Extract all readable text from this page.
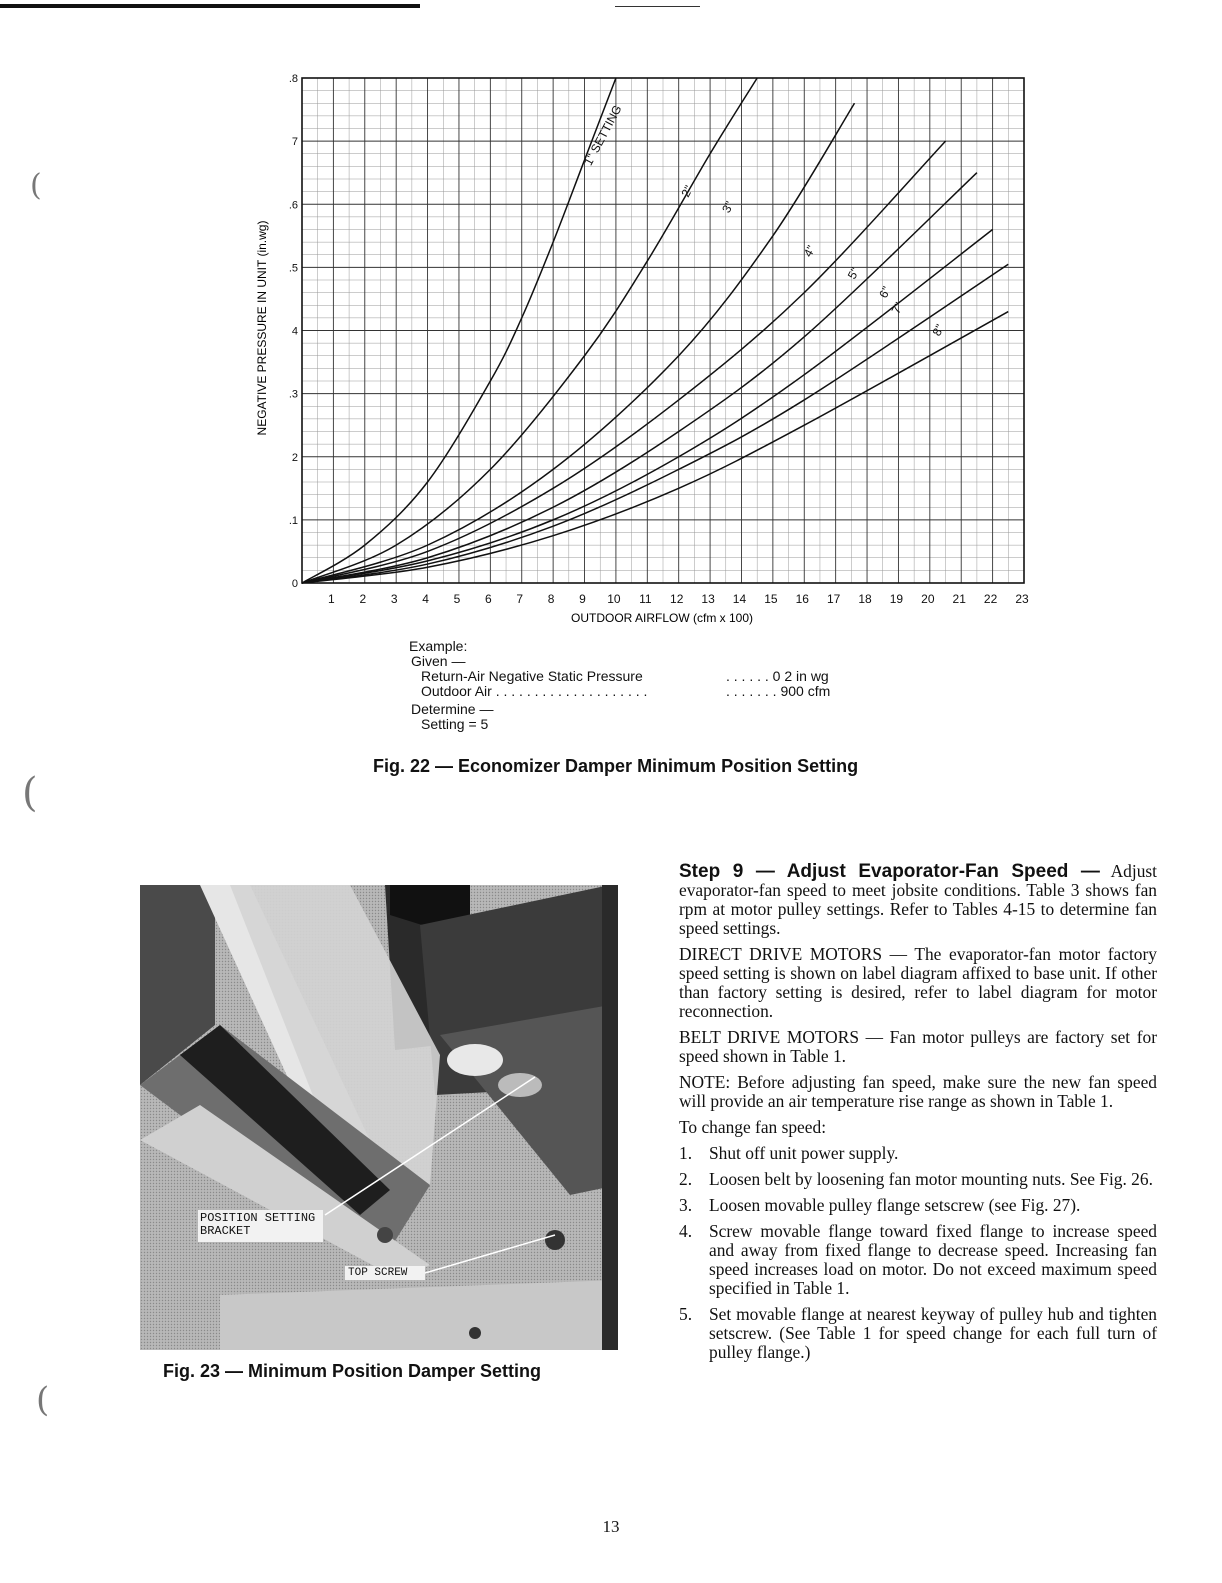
(
(
(
1" SETTING
2"
3"
4"
5"
6"
7"
8"
1 2 3 4 5 6 7 8 9 10 11 12 13 14 15 16 17 18 19 20 21 22 23
0
.1
2
.3
4
.5
.6
7
.8
OUTDOOR AIRFLOW (cfm x 100)
NEGATIVE PRESSURE IN UNIT (in.wg)
Example:
Given —
Return-Air Negative Static Pressure	. . . . . . 0 2 in wg
Outdoor Air . . . . . . . . . . . . . . . . . . . .	. . . . . . . 900 cfm
Determine —
Setting = 5
Fig. 22 — Economizer Damper Minimum Position Setting
POSITION SETTING
BRACKET
TOP SCREW
Fig. 23 — Minimum Position Damper Setting

Step 9 — Adjust Evaporator-Fan Speed — Adjust evaporator-fan speed to meet jobsite conditions. Table 3 shows fan rpm at motor pulley settings. Refer to Tables 4-15 to determine fan speed settings.

DIRECT DRIVE MOTORS — The evaporator-fan motor factory speed setting is shown on label diagram affixed to base unit. If other than factory setting is desired, refer to label diagram for motor reconnection.

BELT DRIVE MOTORS — Fan motor pulleys are factory set for speed shown in Table 1.

NOTE: Before adjusting fan speed, make sure the new fan speed will provide an air temperature rise range as shown in Table 1.

To change fan speed:

1. Shut off unit power supply.
2. Loosen belt by loosening fan motor mounting nuts. See Fig. 26.
3. Loosen movable pulley flange setscrew (see Fig. 27).
4. Screw movable flange toward fixed flange to increase speed and away from fixed flange to decrease speed. Increasing fan speed increases load on motor. Do not exceed maximum speed specified in Table 1.
5. Set movable flange at nearest keyway of pulley hub and tighten setscrew. (See Table 1 for speed change for each full turn of pulley flange.)
13
